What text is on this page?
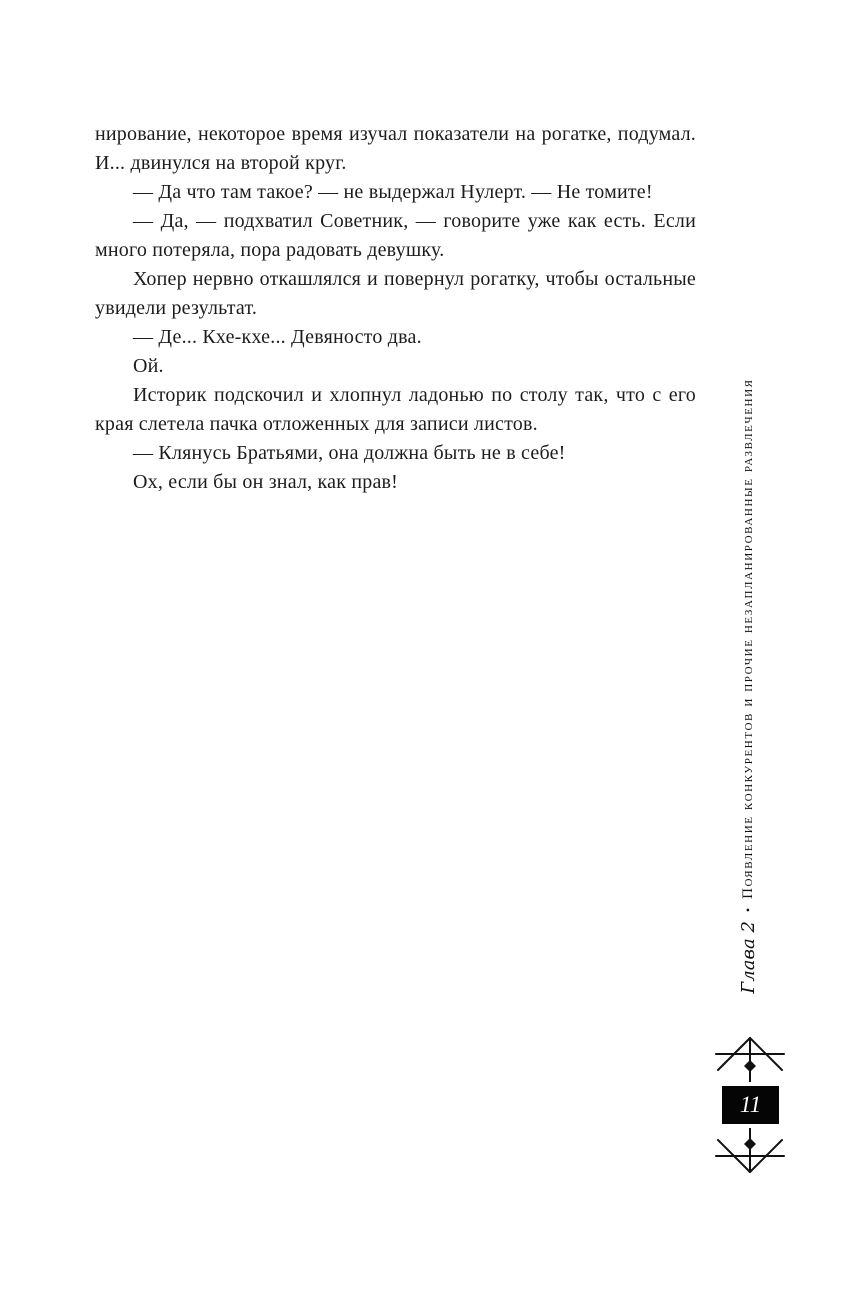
нирование, некоторое время изучал показатели на рогатке, подумал. И... двинулся на второй круг.

— Да что там такое? — не выдержал Нулерт. — Не томите!

— Да, — подхватил Советник, — говорите уже как есть. Если много потеряла, пора радовать девушку.

Хопер нервно откашлялся и повернул рогатку, чтобы остальные увидели результат.

— Де... Кхе-кхе... Девяносто два.

Ой.

Историк подскочил и хлопнул ладонью по столу так, что с его края слетела пачка отложенных для записи листов.

— Клянусь Братьями, она должна быть не в себе!

Ох, если бы он знал, как прав!

Глава 2
•
Появление конкурентов и прочие незапланированные развлечения
11
